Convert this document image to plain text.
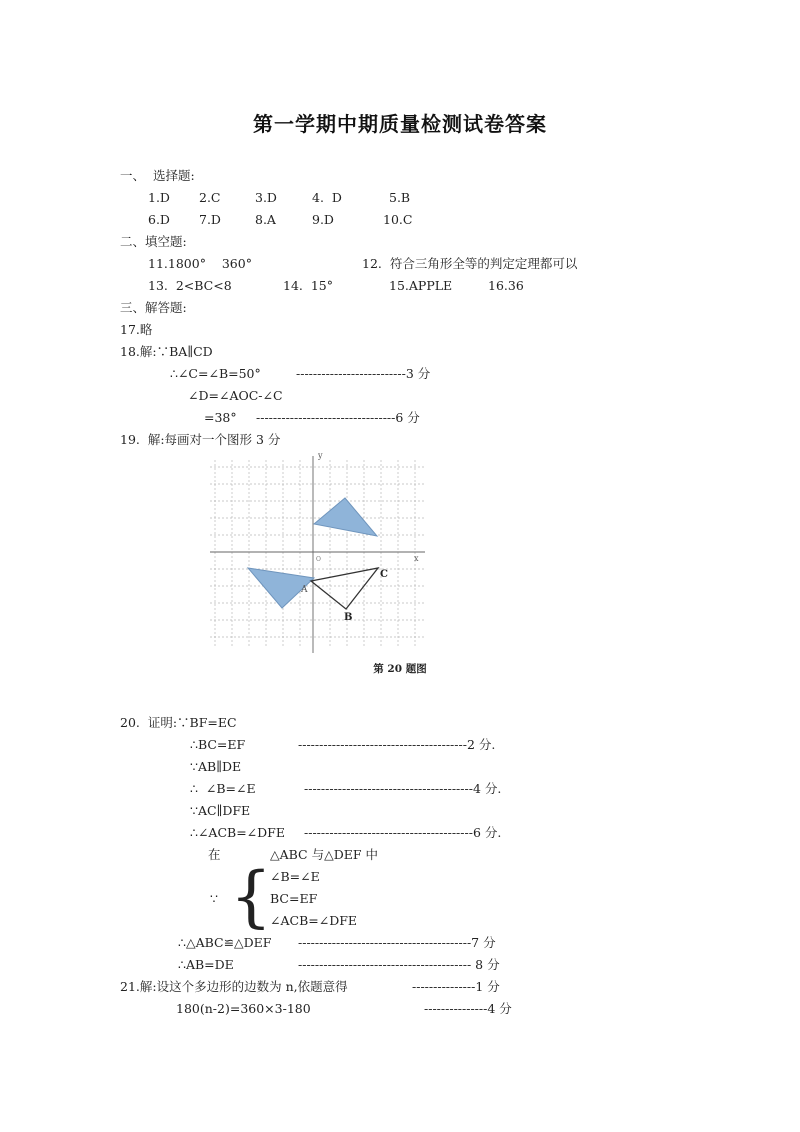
第一学期中期质量检测试卷答案
一、  选择题:
1.D 2.C	3.D	4.  D	5.B
6.D 7.D	8.A	9.D	10.C
二、填空题:
11.1800°    360°	12.  符合三角形全等的判定定理都可以
13.  2<BC<8	14.  15°	15.APPLE	16.36
三、解答题:
17.略
18.解:∵BA∥CD
∴∠C=∠B=50°	--------------------------3 分
∠D=∠AOC-∠C
=38° ---------------------------------6 分
19.  解:每画对一个图形 3 分
x
y
O
A
B
C
第 20 题图
20.  证明:∵BF=EC
∴BC=EF	----------------------------------------2 分.
∵AB∥DE
∴  ∠B=∠E	----------------------------------------4 分.
∵AC∥DFE
∴∠ACB=∠DFE ----------------------------------------6 分.
在	△ABC 与△DEF 中
∵ {
∠B=∠E
BC=EF
∠ACB=∠DFE
∴△ABC≌△DEF -----------------------------------------7 分
∴AB=DE	----------------------------------------- 8 分
21.解:设这个多边形的边数为 n,依题意得	---------------1 分
180(n-2)=360×3-180	---------------4 分
